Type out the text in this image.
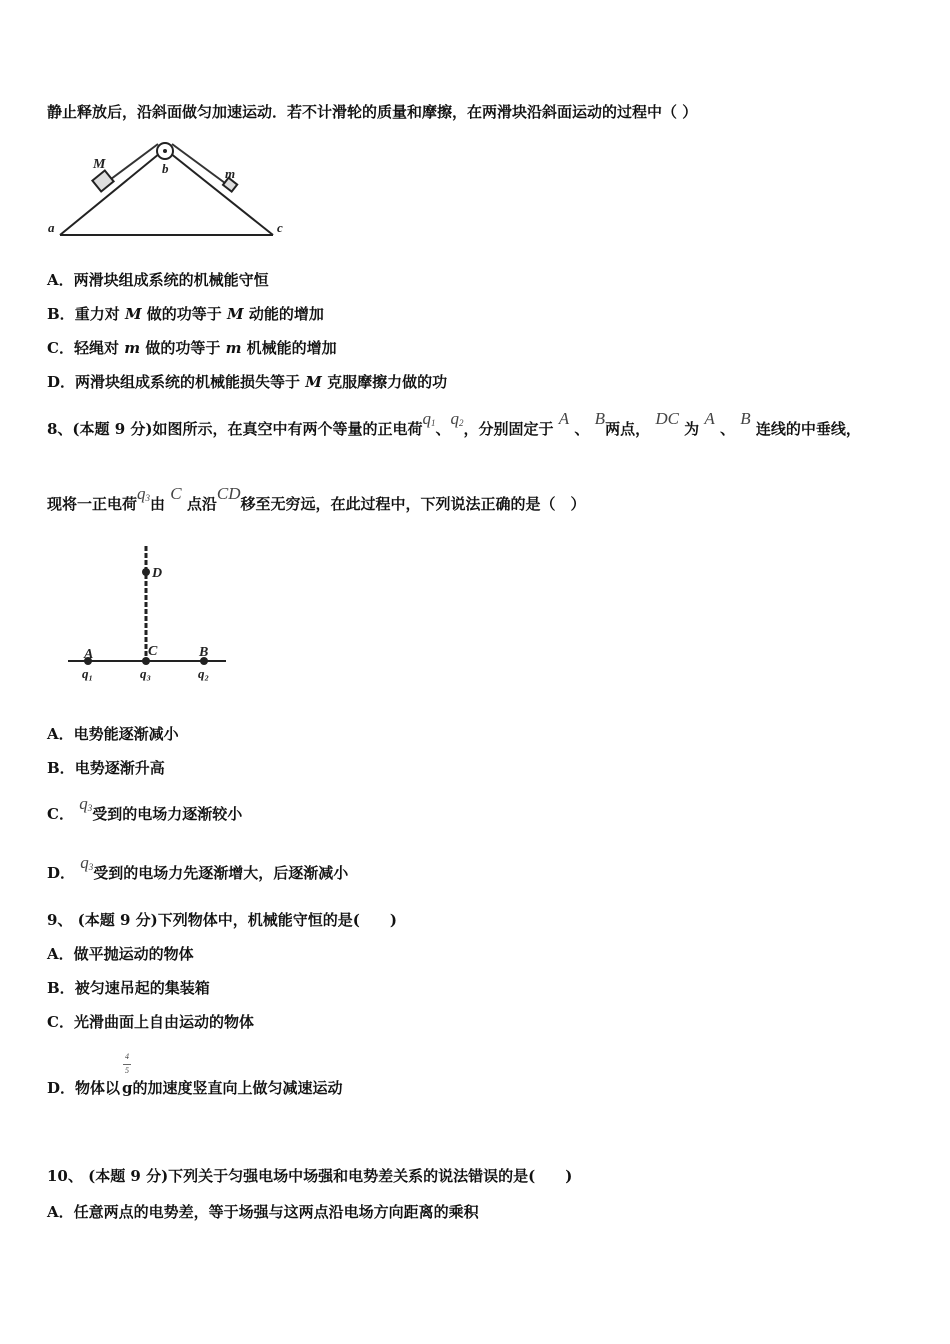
静止释放后，沿斜面做匀加速运动．若不计滑轮的质量和摩擦，在两滑块沿斜面运动的过程中（ ）
M
m
b
a	c
A．两滑块组成系统的机械能守恒
B．重力对 M 做的功等于 M 动能的增加
C．轻绳对 m 做的功等于 m 机械能的增加
D．两滑块组成系统的机械能损失等于 M 克服摩擦力做的功
8、(本题 9 分)如图所示，在真空中有两个等量的正电荷$q_1$、$q_2$，分别固定于 A 、 B两点， DC 为 A 、 B 连线的中垂线，
现将一正电荷$q_3$由 C 点沿CD移至无穷远，在此过程中，下列说法正确的是（　）
D
C
A	B
q₁	q₃	q₂
A．电势能逐渐减小
B．电势逐渐升高
C． $q_3$受到的电场力逐渐较小
D． $q_3$受到的电场力先逐渐增大，后逐渐减小
9、 (本题 9 分)下列物体中，机械能守恒的是(　　)
A．做平抛运动的物体
B．被匀速吊起的集装箱
C．光滑曲面上自由运动的物体
D．物体以 g的加速度竖直向上做匀减速运动
4
5
10、 (本题 9 分)下列关于匀强电场中场强和电势差关系的说法错误的是(　　)
A．任意两点的电势差，等于场强与这两点沿电场方向距离的乘积
